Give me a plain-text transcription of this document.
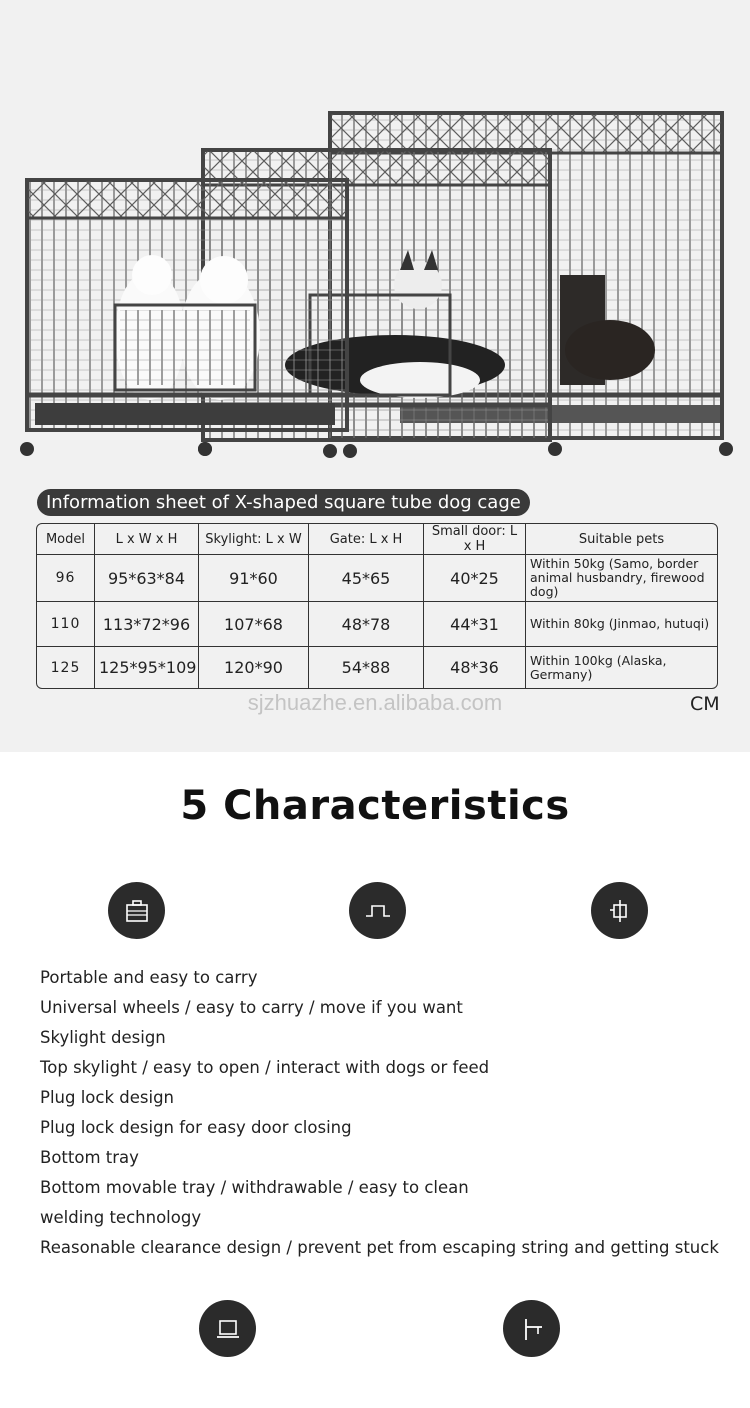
Information sheet of X-shaped square tube dog cage
Model	L x W x H	Skylight: L x W	Gate: L x H	Small door: L x H	Suitable pets
96	95*63*84	91*60	45*65	40*25	Within 50kg (Samo, border animal husbandry, firewood dog)
110	113*72*96	107*68	48*78	44*31	Within 80kg (Jinmao, hutuqi)
125	125*95*109	120*90	54*88	48*36	Within 100kg (Alaska, Germany)
sjzhuazhe.en.alibaba.com	CM
5 Characteristics
Portable and easy to carry
Universal wheels / easy to carry / move if you want
Skylight design
Top skylight / easy to open / interact with dogs or feed
Plug lock design
Plug lock design for easy door closing
Bottom tray
Bottom movable tray / withdrawable / easy to clean
welding technology
Reasonable clearance design / prevent pet from escaping string and getting stuck
